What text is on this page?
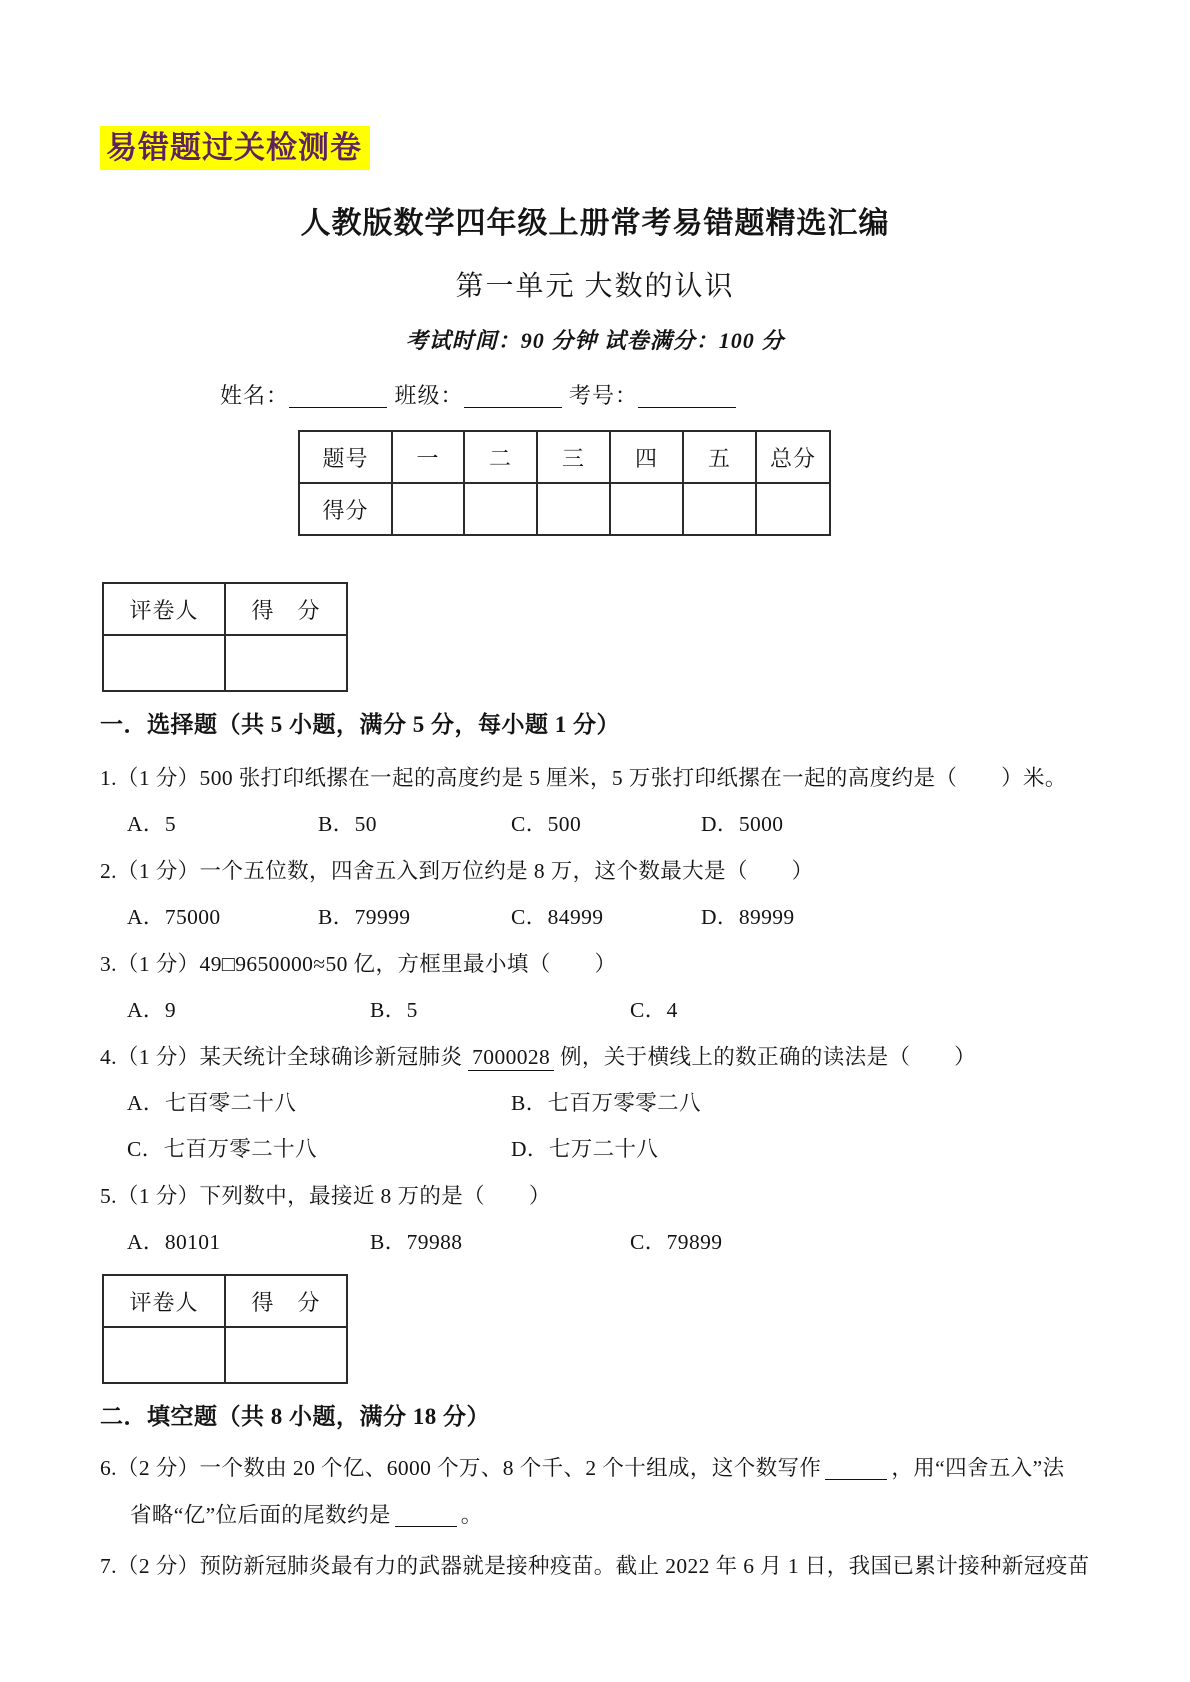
易错题过关检测卷
人教版数学四年级上册常考易错题精选汇编
第一单元 大数的认识
考试时间：90 分钟 试卷满分：100 分
姓名：	班级：	考号：
题号	一	二	三	四	五	总分
得分						
评卷人	得　分

一．选择题（共 5 小题，满分 5 分，每小题 1 分）
1.（1 分）500 张打印纸摞在一起的高度约是 5 厘米，5 万张打印纸摞在一起的高度约是（　　）米。
A．5	B．50	C．500	D．5000
2.（1 分）一个五位数，四舍五入到万位约是 8 万，这个数最大是（　　）
A．75000	B．79999	C．84999	D．89999
3.（1 分）49□9650000≈50 亿，方框里最小填（　　）
A．9	B．5	C．4
4.（1 分）某天统计全球确诊新冠肺炎 7000028 例，关于横线上的数正确的读法是（　　）
A．七百零二十八	B．七百万零零二八
C．七百万零二十八	D．七万二十八
5.（1 分）下列数中，最接近 8 万的是（　　）
A．80101	B．79988	C．79899
评卷人	得　分

二．填空题（共 8 小题，满分 18 分）
6.（2 分）一个数由 20 个亿、6000 个万、8 个千、2 个十组成，这个数写作	，用“四舍五入”法
省略“亿”位后面的尾数约是	。
7.（2 分）预防新冠肺炎最有力的武器就是接种疫苗。截止 2022 年 6 月 1 日，我国已累计接种新冠疫苗
